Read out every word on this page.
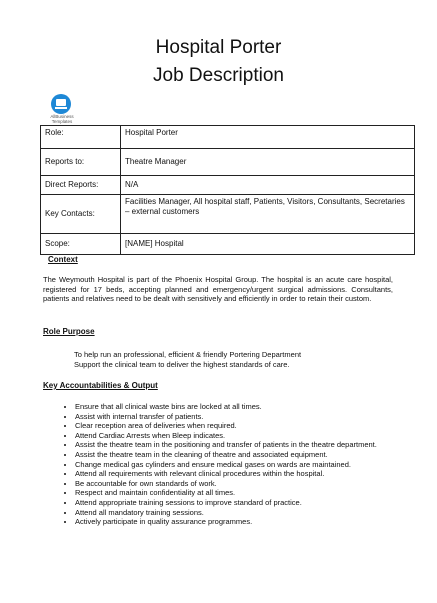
Hospital Porter
Job Description
AllBusiness
Templates
Role:	Hospital Porter
Reports to:	Theatre Manager
Direct Reports:	N/A
Key Contacts:	Facilities Manager, All hospital staff, Patients, Visitors, Consultants, Secretaries – external customers
Scope:	[NAME] Hospital
Context
The Weymouth Hospital is part of the Phoenix Hospital Group. The hospital is an acute care hospital, registered for 17 beds, accepting planned and emergency/urgent surgical admissions. Consultants, patients and relatives need to be dealt with sensitively and efficiently in order to retain their custom.
Role Purpose
To help run an professional, efficient & friendly Portering Department
Support the clinical team to deliver the highest standards of care.
Key Accountabilities & Output
• Ensure that all clinical waste bins are locked at all times.
• Assist with internal transfer of patients.
• Clear reception area of deliveries when required.
• Attend Cardiac Arrests when Bleep indicates.
• Assist the theatre team in the positioning and transfer of patients in the theatre department.
• Assist the theatre team in the cleaning of theatre and associated equipment.
• Change medical gas cylinders and ensure medical gases on wards are maintained.
• Attend all requirements with relevant clinical procedures within the hospital.
• Be accountable for own standards of work.
• Respect and maintain confidentiality at all times.
• Attend appropriate training sessions to improve standard of practice.
• Attend all mandatory training sessions.
• Actively participate in quality assurance programmes.
